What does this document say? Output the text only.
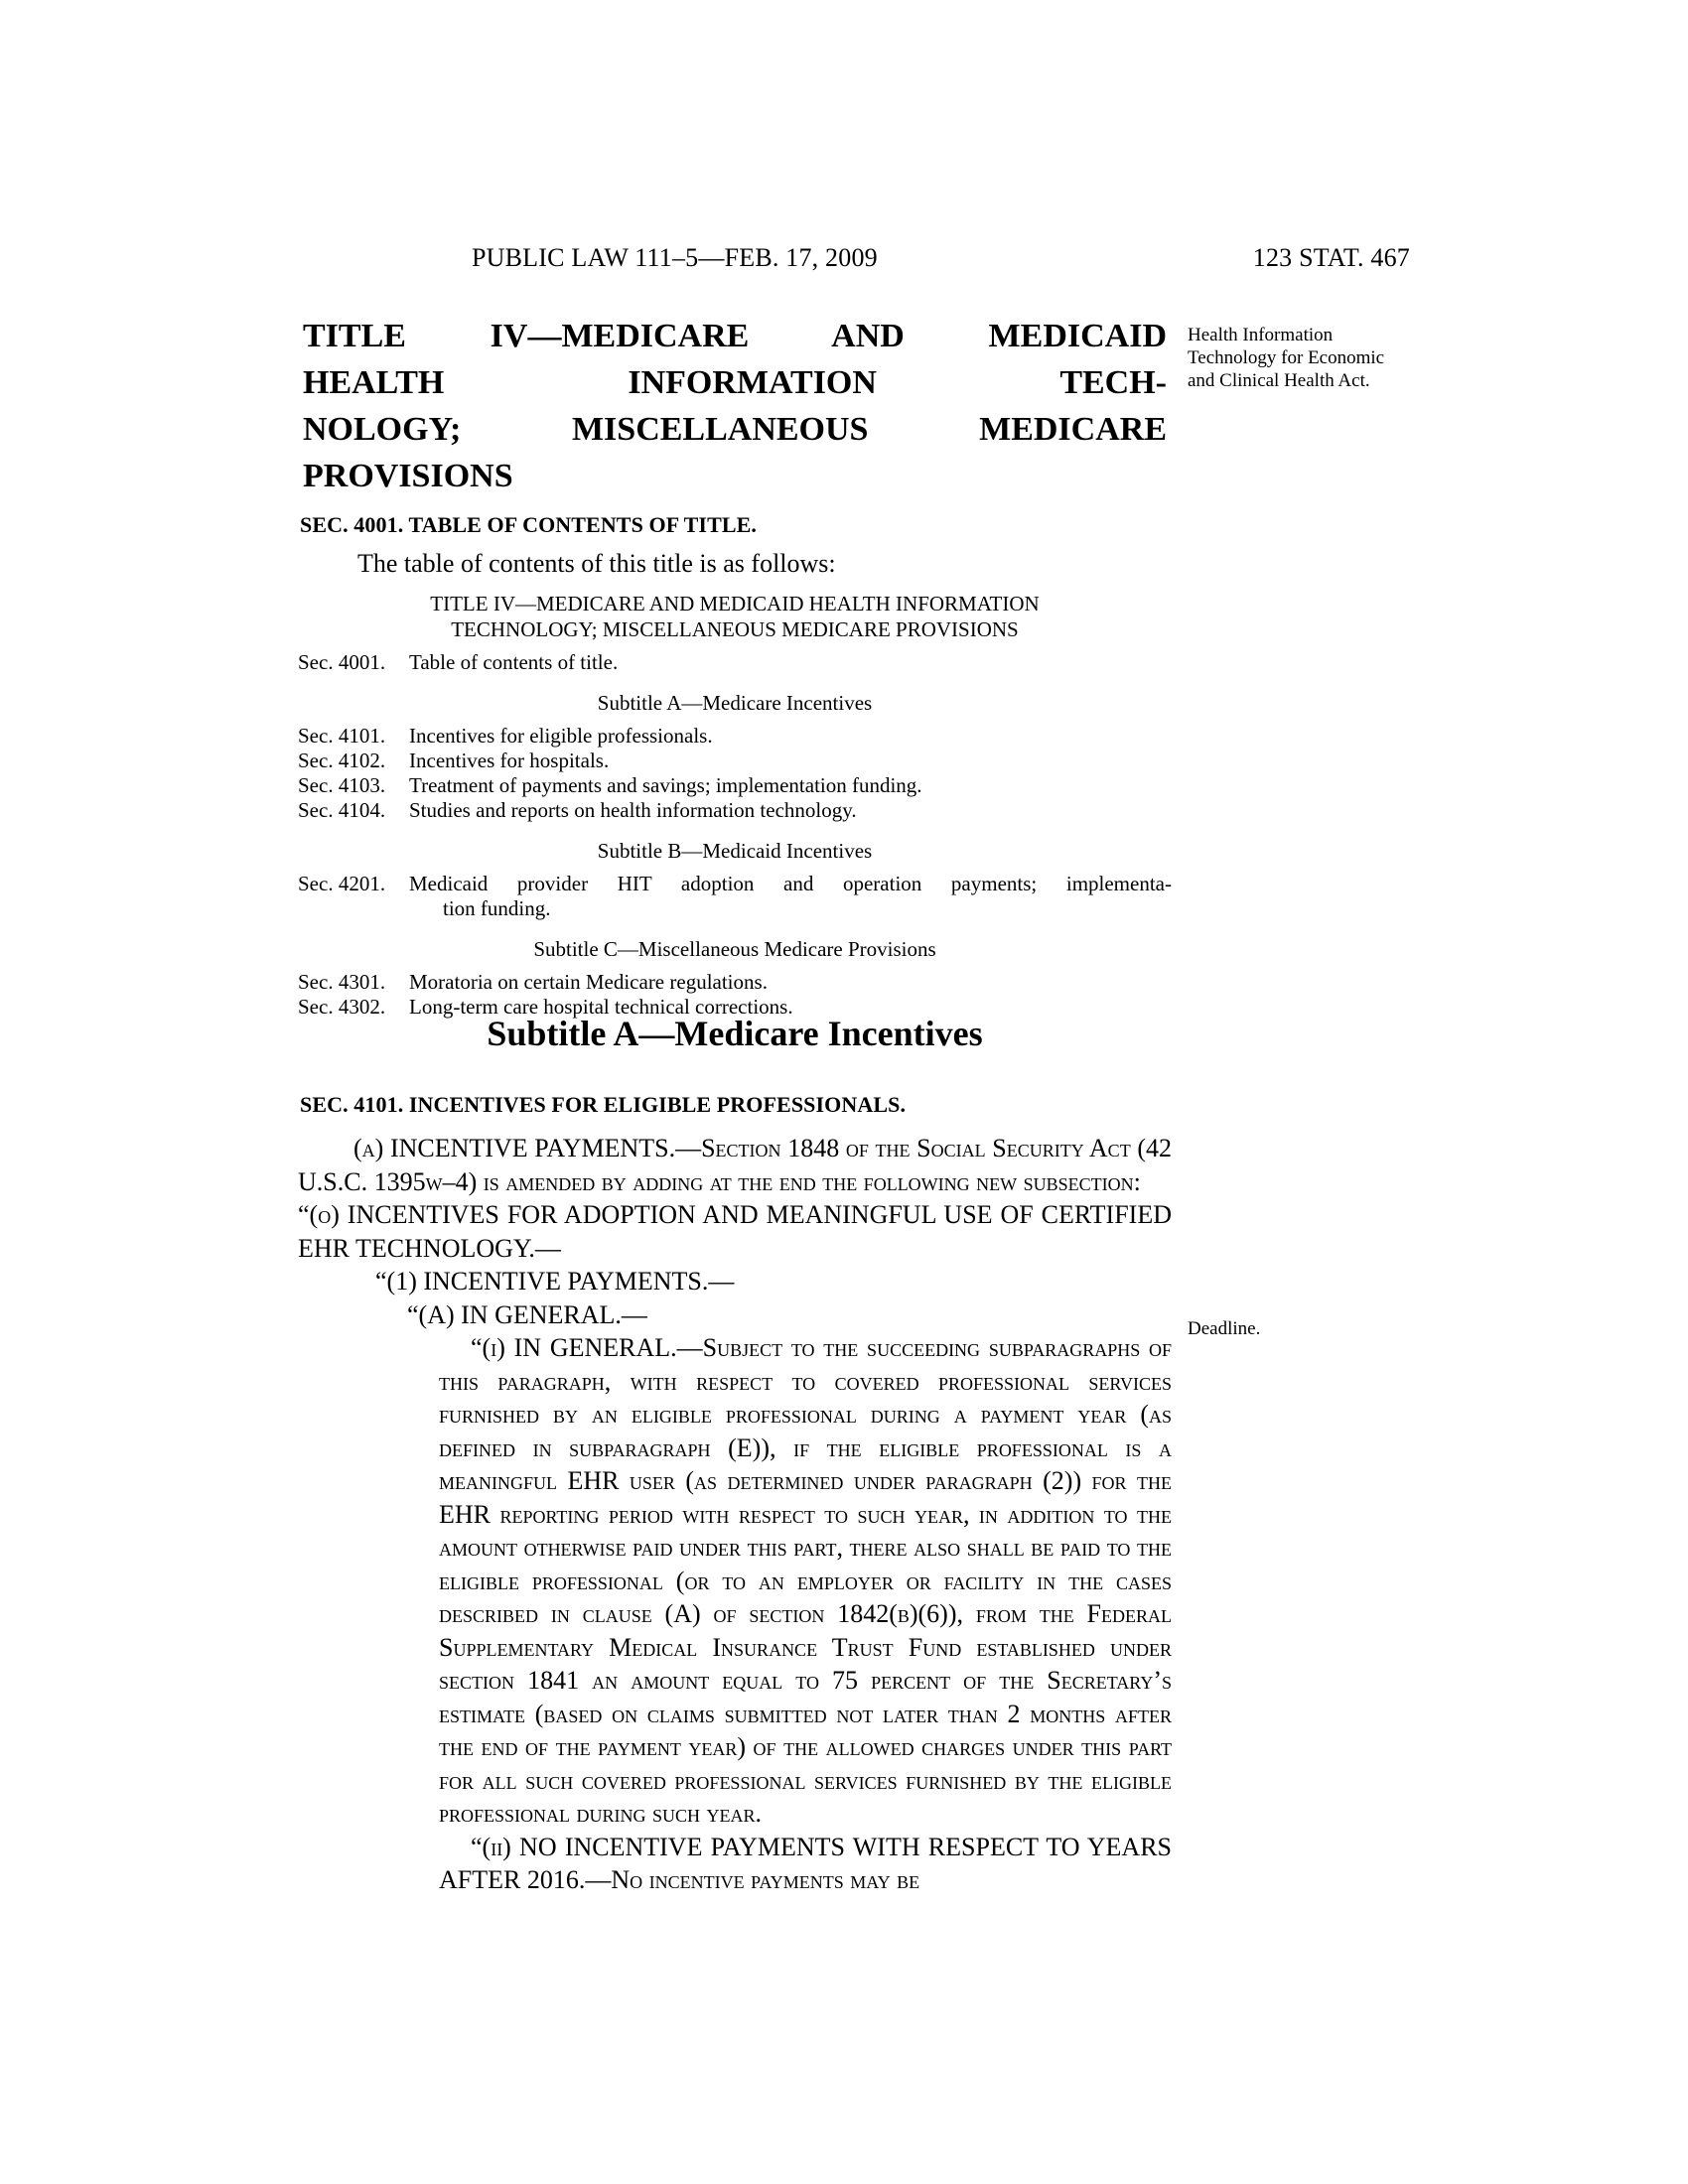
PUBLIC LAW 111–5—FEB. 17, 2009	123 STAT. 467
TITLE IV—MEDICARE AND MEDICAID
HEALTH INFORMATION TECH-
NOLOGY; MISCELLANEOUS MEDICARE
PROVISIONS
Health Information Technology for Economic and Clinical Health Act.
Deadline.
SEC. 4001. TABLE OF CONTENTS OF TITLE.
The table of contents of this title is as follows:
TITLE IV—MEDICARE AND MEDICAID HEALTH INFORMATION
TECHNOLOGY; MISCELLANEOUS MEDICARE PROVISIONS
Sec. 4001.	Table of contents of title.
Subtitle A—Medicare Incentives
Sec. 4101.	Incentives for eligible professionals.
Sec. 4102.	Incentives for hospitals.
Sec. 4103.	Treatment of payments and savings; implementation funding.
Sec. 4104.	Studies and reports on health information technology.
Subtitle B—Medicaid Incentives
Sec. 4201.	Medicaid provider HIT adoption and operation payments; implementa-
tion funding.
Subtitle C—Miscellaneous Medicare Provisions
Sec. 4301.	Moratoria on certain Medicare regulations.
Sec. 4302.	Long-term care hospital technical corrections.
Subtitle A—Medicare Incentives
SEC. 4101. INCENTIVES FOR ELIGIBLE PROFESSIONALS.

(a) INCENTIVE PAYMENTS.—Section 1848 of the Social Security Act (42 U.S.C. 1395w–4) is amended by adding at the end the following new subsection:

“(o) INCENTIVES FOR ADOPTION AND MEANINGFUL USE OF CERTIFIED EHR TECHNOLOGY.—

“(1) INCENTIVE PAYMENTS.—

“(A) IN GENERAL.—

“(i) IN GENERAL.—Subject to the succeeding subparagraphs of this paragraph, with respect to covered professional services furnished by an eligible professional during a payment year (as defined in subparagraph (E)), if the eligible professional is a meaningful EHR user (as determined under paragraph (2)) for the EHR reporting period with respect to such year, in addition to the amount otherwise paid under this part, there also shall be paid to the eligible professional (or to an employer or facility in the cases described in clause (A) of section 1842(b)(6)), from the Federal Supplementary Medical Insurance Trust Fund established under section 1841 an amount equal to 75 percent of the Secretary’s estimate (based on claims submitted not later than 2 months after the end of the payment year) of the allowed charges under this part for all such covered professional services furnished by the eligible professional during such year.

“(ii) NO INCENTIVE PAYMENTS WITH RESPECT TO YEARS AFTER 2016.—No incentive payments may be
